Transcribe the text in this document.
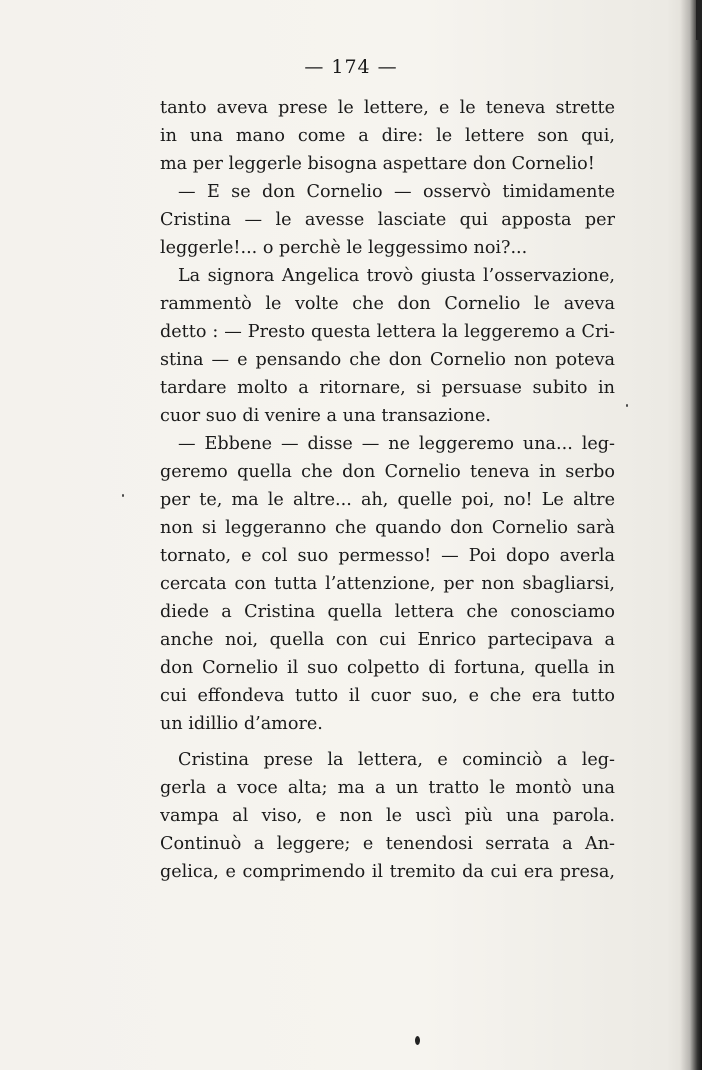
— 174 —
tanto aveva prese le lettere, e le teneva strette
in una mano come a dire: le lettere son qui,
ma per leggerle bisogna aspettare don Cornelio!
— E se don Cornelio — osservò timidamente
Cristina — le avesse lasciate qui apposta per
leggerle!... o perchè le leggessimo noi?...
La signora Angelica trovò giusta l’osservazione,
rammentò le volte che don Cornelio le aveva
detto : — Presto questa lettera la leggeremo a Cri-
stina — e pensando che don Cornelio non poteva
tardare molto a ritornare, si persuase subito in
cuor suo di venire a una transazione.
— Ebbene — disse — ne leggeremo una... leg-
geremo quella che don Cornelio teneva in serbo
per te, ma le altre... ah, quelle poi, no! Le altre
non si leggeranno che quando don Cornelio sarà
tornato, e col suo permesso! — Poi dopo averla
cercata con tutta l’attenzione, per non sbagliarsi,
diede a Cristina quella lettera che conosciamo
anche noi, quella con cui Enrico partecipava a
don Cornelio il suo colpetto di fortuna, quella in
cui effondeva tutto il cuor suo, e che era tutto
un idillio d’amore.
Cristina prese la lettera, e cominciò a leg-
gerla a voce alta; ma a un tratto le montò una
vampa al viso, e non le uscì più una parola.
Continuò a leggere; e tenendosi serrata a An-
gelica, e comprimendo il tremito da cui era presa,
